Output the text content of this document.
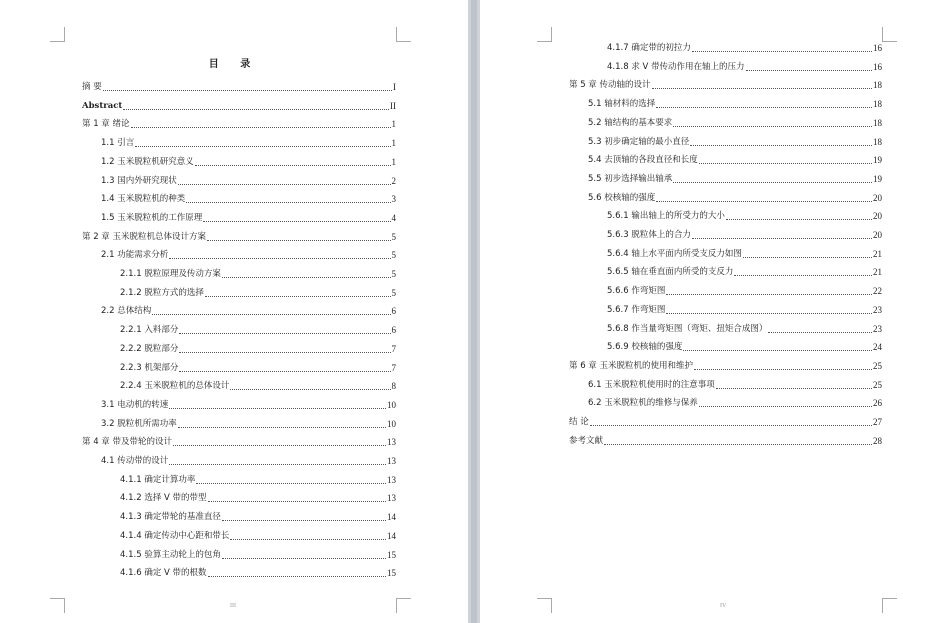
目 录
III
摘 要	I
Abstract	II
第 1 章 绪论	1
1.1 引言	1
1.2 玉米脱粒机研究意义	1
1.3 国内外研究现状	2
1.4 玉米脱粒机的种类	3
1.5 玉米脱粒机的工作原理	4
第 2 章 玉米脱粒机总体设计方案	5
2.1 功能需求分析	5
2.1.1 脱粒原理及传动方案	5
2.1.2 脱粒方式的选择	5
2.2 总体结构	6
2.2.1 入料部分	6
2.2.2 脱粒部分	7
2.2.3 机架部分	7
2.2.4 玉米脱粒机的总体设计	8
3.1 电动机的转速	10
3.2 脱粒机所需功率	10
第 4 章 带及带轮的设计	13
4.1 传动带的设计	13
4.1.1 确定计算功率	13
4.1.2 选择 V 带的带型	13
4.1.3 确定带轮的基准直径	14
4.1.4 确定传动中心距和带长	14
4.1.5 验算主动轮上的包角	15
4.1.6 确定 V 带的根数	15
IV
4.1.7 确定带的初拉力	16
4.1.8 求 V 带传动作用在轴上的压力	16
第 5 章 传动轴的设计	18
5.1 轴材料的选择	18
5.2 轴结构的基本要求	18
5.3 初步确定轴的最小直径	18
5.4 去顶轴的各段直径和长度	19
5.5 初步选择输出轴承	19
5.6 校核轴的强度	20
5.6.1 输出轴上的所受力的大小	20
5.6.3 脱粒体上的合力	20
5.6.4 轴上水平面内所受支反力如图	21
5.6.5 轴在垂直面内所受的支反力	21
5.6.6 作弯矩图	22
5.6.7 作弯矩图	23
5.6.8 作当量弯矩图（弯矩、扭矩合成图）	23
5.6.9 校核轴的强度	24
第 6 章 玉米脱粒机的使用和维护	25
6.1 玉米脱粒机使用时的注意事项	25
6.2 玉米脱粒机的维修与保养	26
结 论	27
参考文献	28
